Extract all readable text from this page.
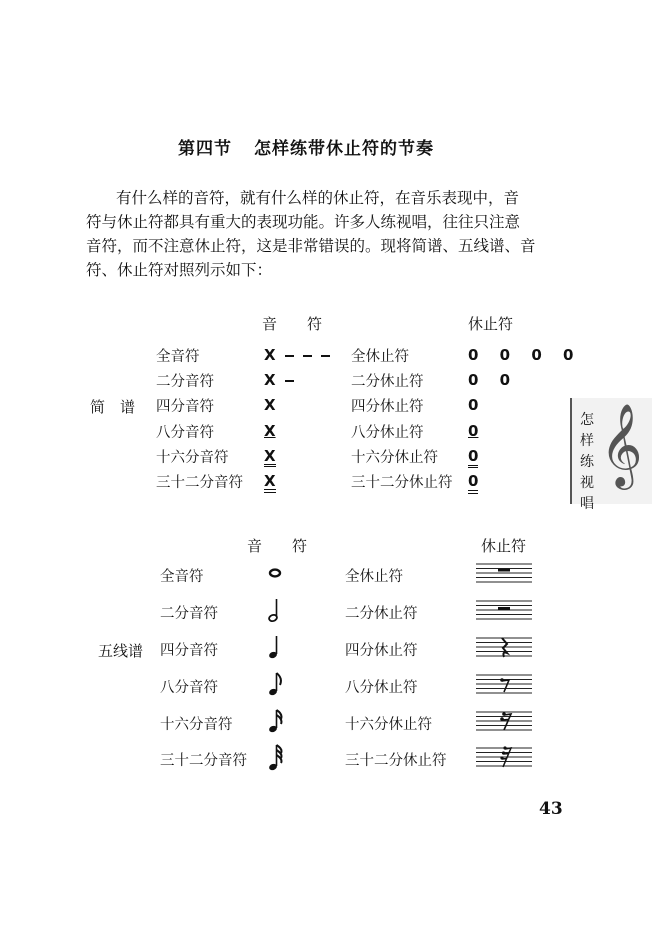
第四节 怎样练带休止符的节奏

有什么样的音符，就有什么样的休止符，在音乐表现中，音

符与休止符都具有重大的表现功能。许多人练视唱，往往只注意

音符，而不注意休止符，这是非常错误的。现将简谱、五线谱、音

符、休止符对照列示如下：

音　　符	休止符
简　谱
全音符
二分音符
四分音符
八分音符
十六分音符
三十二分音符
X
X
X
X
X
X
全休止符
二分休止符
四分休止符
八分休止符
十六分休止符
三十二分休止符
0 0 0 0
0 0
0
0
0
0 𝄞
怎样练视唱
音　　符	休止符
五线谱
全音符
二分音符
四分音符
八分音符
十六分音符
三十二分音符
全休止符
二分休止符
四分休止符
八分休止符
十六分休止符
三十二分休止符
43
